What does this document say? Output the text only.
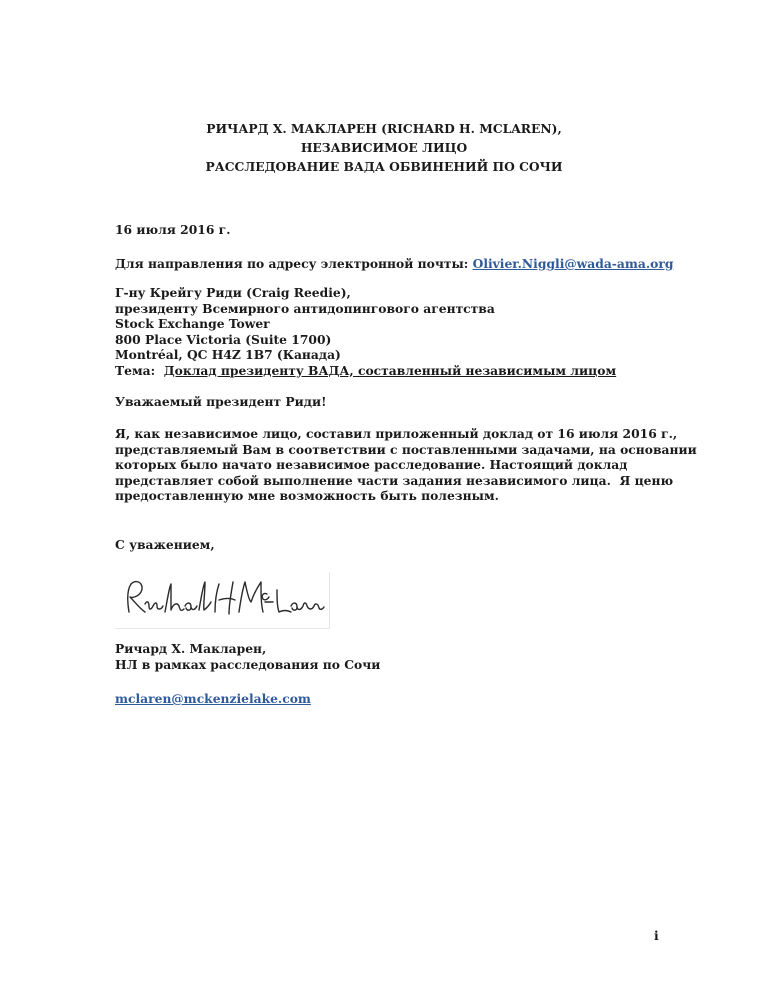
РИЧАРД Х. МАКЛАРЕН (RICHARD H. MCLAREN),
НЕЗАВИСИМОЕ ЛИЦО
РАССЛЕДОВАНИЕ ВАДА ОБВИНЕНИЙ ПО СОЧИ
16 июля 2016 г.
Для направления по адресу электронной почты: Olivier.Niggli@wada-ama.org
Г-ну Крейгу Риди (Craig Reedie),
президенту Всемирного антидопингового агентства
Stock Exchange Tower
800 Place Victoria (Suite 1700)
Montréal, QC H4Z 1B7 (Канада)
Тема:  Доклад президенту ВАДА, составленный независимым лицом
Уважаемый президент Риди!
Я, как независимое лицо, составил приложенный доклад от 16 июля 2016 г.,
представляемый Вам в соответствии с поставленными задачами, на основании
которых было начато независимое расследование. Настоящий доклад
представляет собой выполнение части задания независимого лица.  Я ценю
предоставленную мне возможность быть полезным.
С уважением,
Ричард Х. Макларен,
НЛ в рамках расследования по Сочи
mclaren@mckenzielake.com
i
